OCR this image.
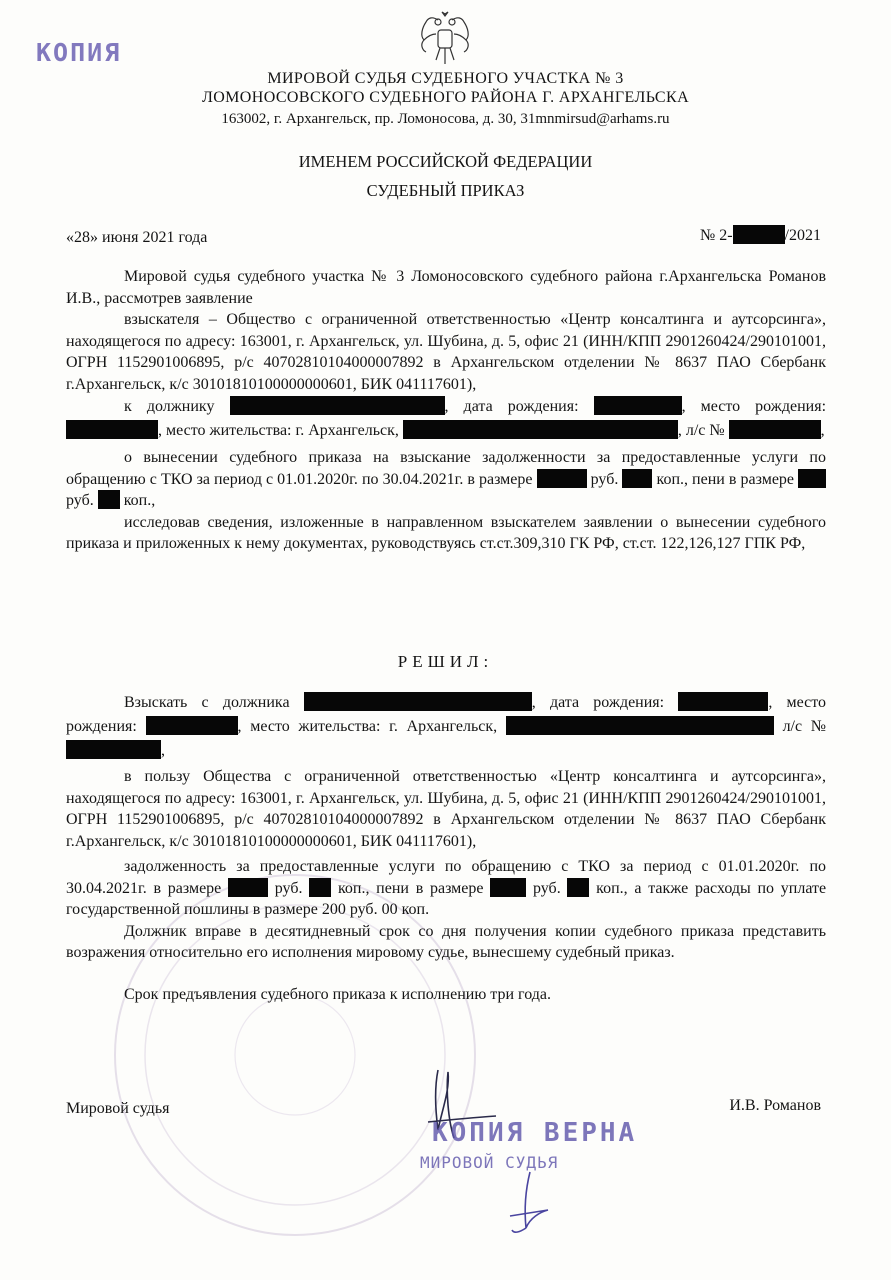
КОПИЯ
МИРОВОЙ СУДЬЯ СУДЕБНОГО УЧАСТКА № 3
ЛОМОНОСОВСКОГО СУДЕБНОГО РАЙОНА Г. АРХАНГЕЛЬСКА
163002, г. Архангельск, пр. Ломоносова, д. 30, 31mnmirsud@arhams.ru
ИМЕНЕМ РОССИЙСКОЙ ФЕДЕРАЦИИ
СУДЕБНЫЙ ПРИКАЗ
«28» июня 2021 года	№ 2-	/2021

Мировой судья судебного участка № 3 Ломоносовского судебного района г.Архангельска Романов И.В., рассмотрев заявление

взыскателя – Общество с ограниченной ответственностью «Центр консалтинга и аутсорсинга», находящегося по адресу: 163001, г. Архангельск, ул. Шубина, д. 5, офис 21 (ИНН/КПП 2901260424/290101001, ОГРН 1152901006895, р/с 40702810104000007892 в Архангельском отделении № 8637 ПАО Сбербанк г.Архангельск, к/с 30101810100000000601, БИК 041117601),

к должнику	, дата рождения:	, место рождения: , место жительства: г. Архангельск,	, л/с №	,

о вынесении судебного приказа на взыскание задолженности за предоставленные услуги по обращению с ТКО за период с 01.01.2020г. по 30.04.2021г. в размере	руб. коп., пени в размере  руб. коп.,

исследовав сведения, изложенные в направленном взыскателем заявлении о вынесении судебного приказа и приложенных к нему документах, руководствуясь ст.ст.309,310 ГК РФ, ст.ст. 122,126,127 ГПК РФ,

РЕШИЛ:

Взыскать с должника	, дата рождения:	, место рождения:	, место жительства: г. Архангельск,	л/с №,

в пользу Общества с ограниченной ответственностью «Центр консалтинга и аутсорсинга», находящегося по адресу: 163001, г. Архангельск, ул. Шубина, д. 5, офис 21 (ИНН/КПП 2901260424/290101001, ОГРН 1152901006895, р/с 40702810104000007892 в Архангельском отделении № 8637 ПАО Сбербанк г.Архангельск, к/с 30101810100000000601, БИК 041117601),

задолженность за предоставленные услуги по обращению с ТКО за период с 01.01.2020г. по 30.04.2021г. в размере	руб. коп., пени в размере	руб. коп., а также расходы по уплате государственной пошлины в размере 200 руб. 00 коп.

Должник вправе в десятидневный срок со дня получения копии судебного приказа представить возражения относительно его исполнения мировому судье, вынесшему судебный приказ.

Срок предъявления судебного приказа к исполнению три года.

Мировой судья	И.В. Романов
КОПИЯ ВЕРНА
МИРОВОЙ СУДЬЯ
